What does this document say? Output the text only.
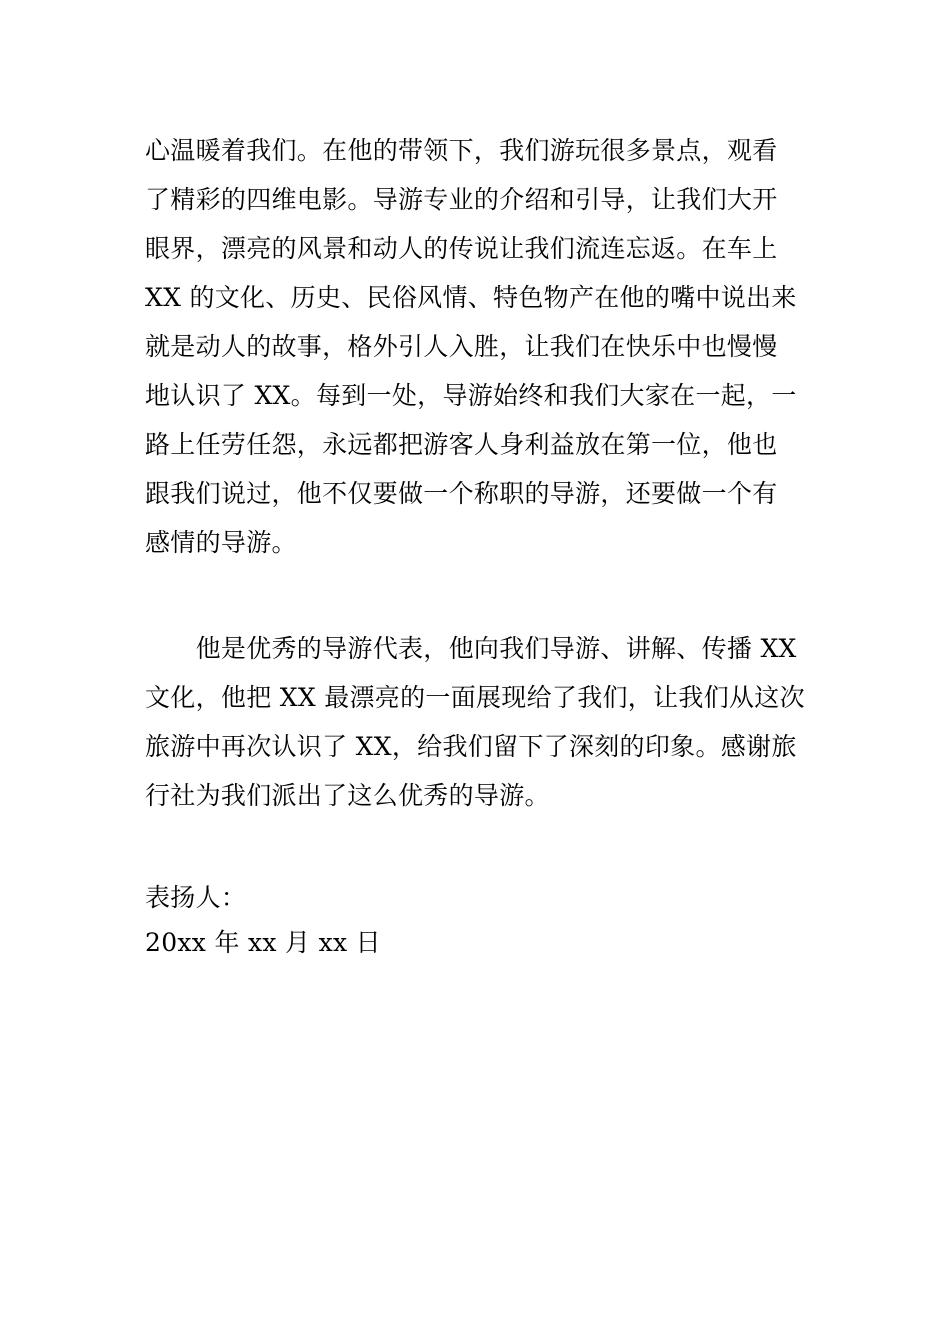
心温暖着我们。在他的带领下，我们游玩很多景点，观看
了精彩的四维电影。导游专业的介绍和引导，让我们大开
眼界，漂亮的风景和动人的传说让我们流连忘返。在车上
XX 的文化、历史、民俗风情、特色物产在他的嘴中说出来
就是动人的故事，格外引人入胜，让我们在快乐中也慢慢
地认识了 XX。每到一处，导游始终和我们大家在一起，一
路上任劳任怨，永远都把游客人身利益放在第一位，他也
跟我们说过，他不仅要做一个称职的导游，还要做一个有
感情的导游。
　　他是优秀的导游代表，他向我们导游、讲解、传播 XX
文化，他把 XX 最漂亮的一面展现给了我们，让我们从这次
旅游中再次认识了 XX，给我们留下了深刻的印象。感谢旅
行社为我们派出了这么优秀的导游。
表扬人：
20xx 年 xx 月 xx 日
